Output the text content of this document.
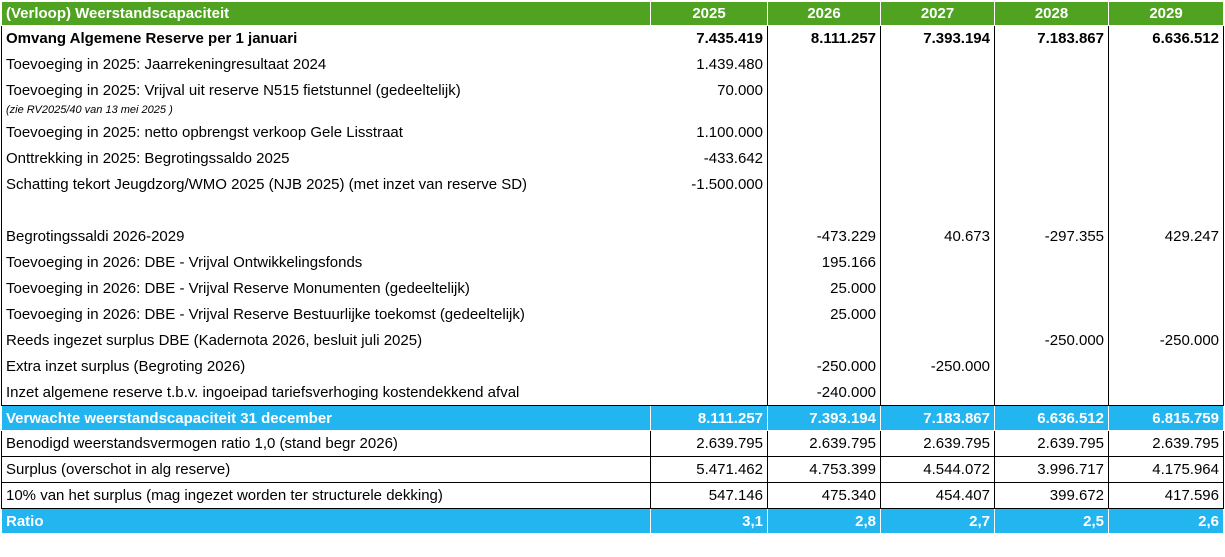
(Verloop) Weerstandscapaciteit	2025	2026	2027	2028	2029
Omvang Algemene Reserve per 1 januari	7.435.419	8.111.257	7.393.194	7.183.867	6.636.512
Toevoeging in 2025: Jaarrekeningresultaat 2024	1.439.480				
Toevoeging in 2025: Vrijval uit reserve N515 fietstunnel (gedeeltelijk)	70.000				
(zie RV2025/40 van 13 mei 2025 )					
Toevoeging in 2025: netto opbrengst verkoop Gele Lisstraat	1.100.000				
Onttrekking in 2025: Begrotingssaldo 2025	-433.642				
Schatting tekort Jeugdzorg/WMO 2025 (NJB 2025) (met inzet van reserve SD)	-1.500.000				

Begrotingssaldi 2026-2029		-473.229	40.673	-297.355	429.247
Toevoeging in 2026: DBE - Vrijval Ontwikkelingsfonds		195.166			
Toevoeging in 2026: DBE - Vrijval Reserve Monumenten (gedeeltelijk)		25.000			
Toevoeging in 2026: DBE - Vrijval Reserve Bestuurlijke toekomst (gedeeltelijk)		25.000			
Reeds ingezet surplus DBE (Kadernota 2026, besluit juli 2025)				-250.000	-250.000
Extra inzet surplus (Begroting 2026)		-250.000	-250.000		
Inzet algemene reserve t.b.v. ingoeipad tariefsverhoging kostendekkend afval		-240.000			
Verwachte weerstandscapaciteit 31 december	8.111.257	7.393.194	7.183.867	6.636.512	6.815.759
Benodigd weerstandsvermogen ratio 1,0 (stand begr 2026)	2.639.795	2.639.795	2.639.795	2.639.795	2.639.795
Surplus (overschot in alg reserve)	5.471.462	4.753.399	4.544.072	3.996.717	4.175.964
10% van het surplus (mag ingezet worden ter structurele dekking)	547.146	475.340	454.407	399.672	417.596
Ratio	3,1	2,8	2,7	2,5	2,6
